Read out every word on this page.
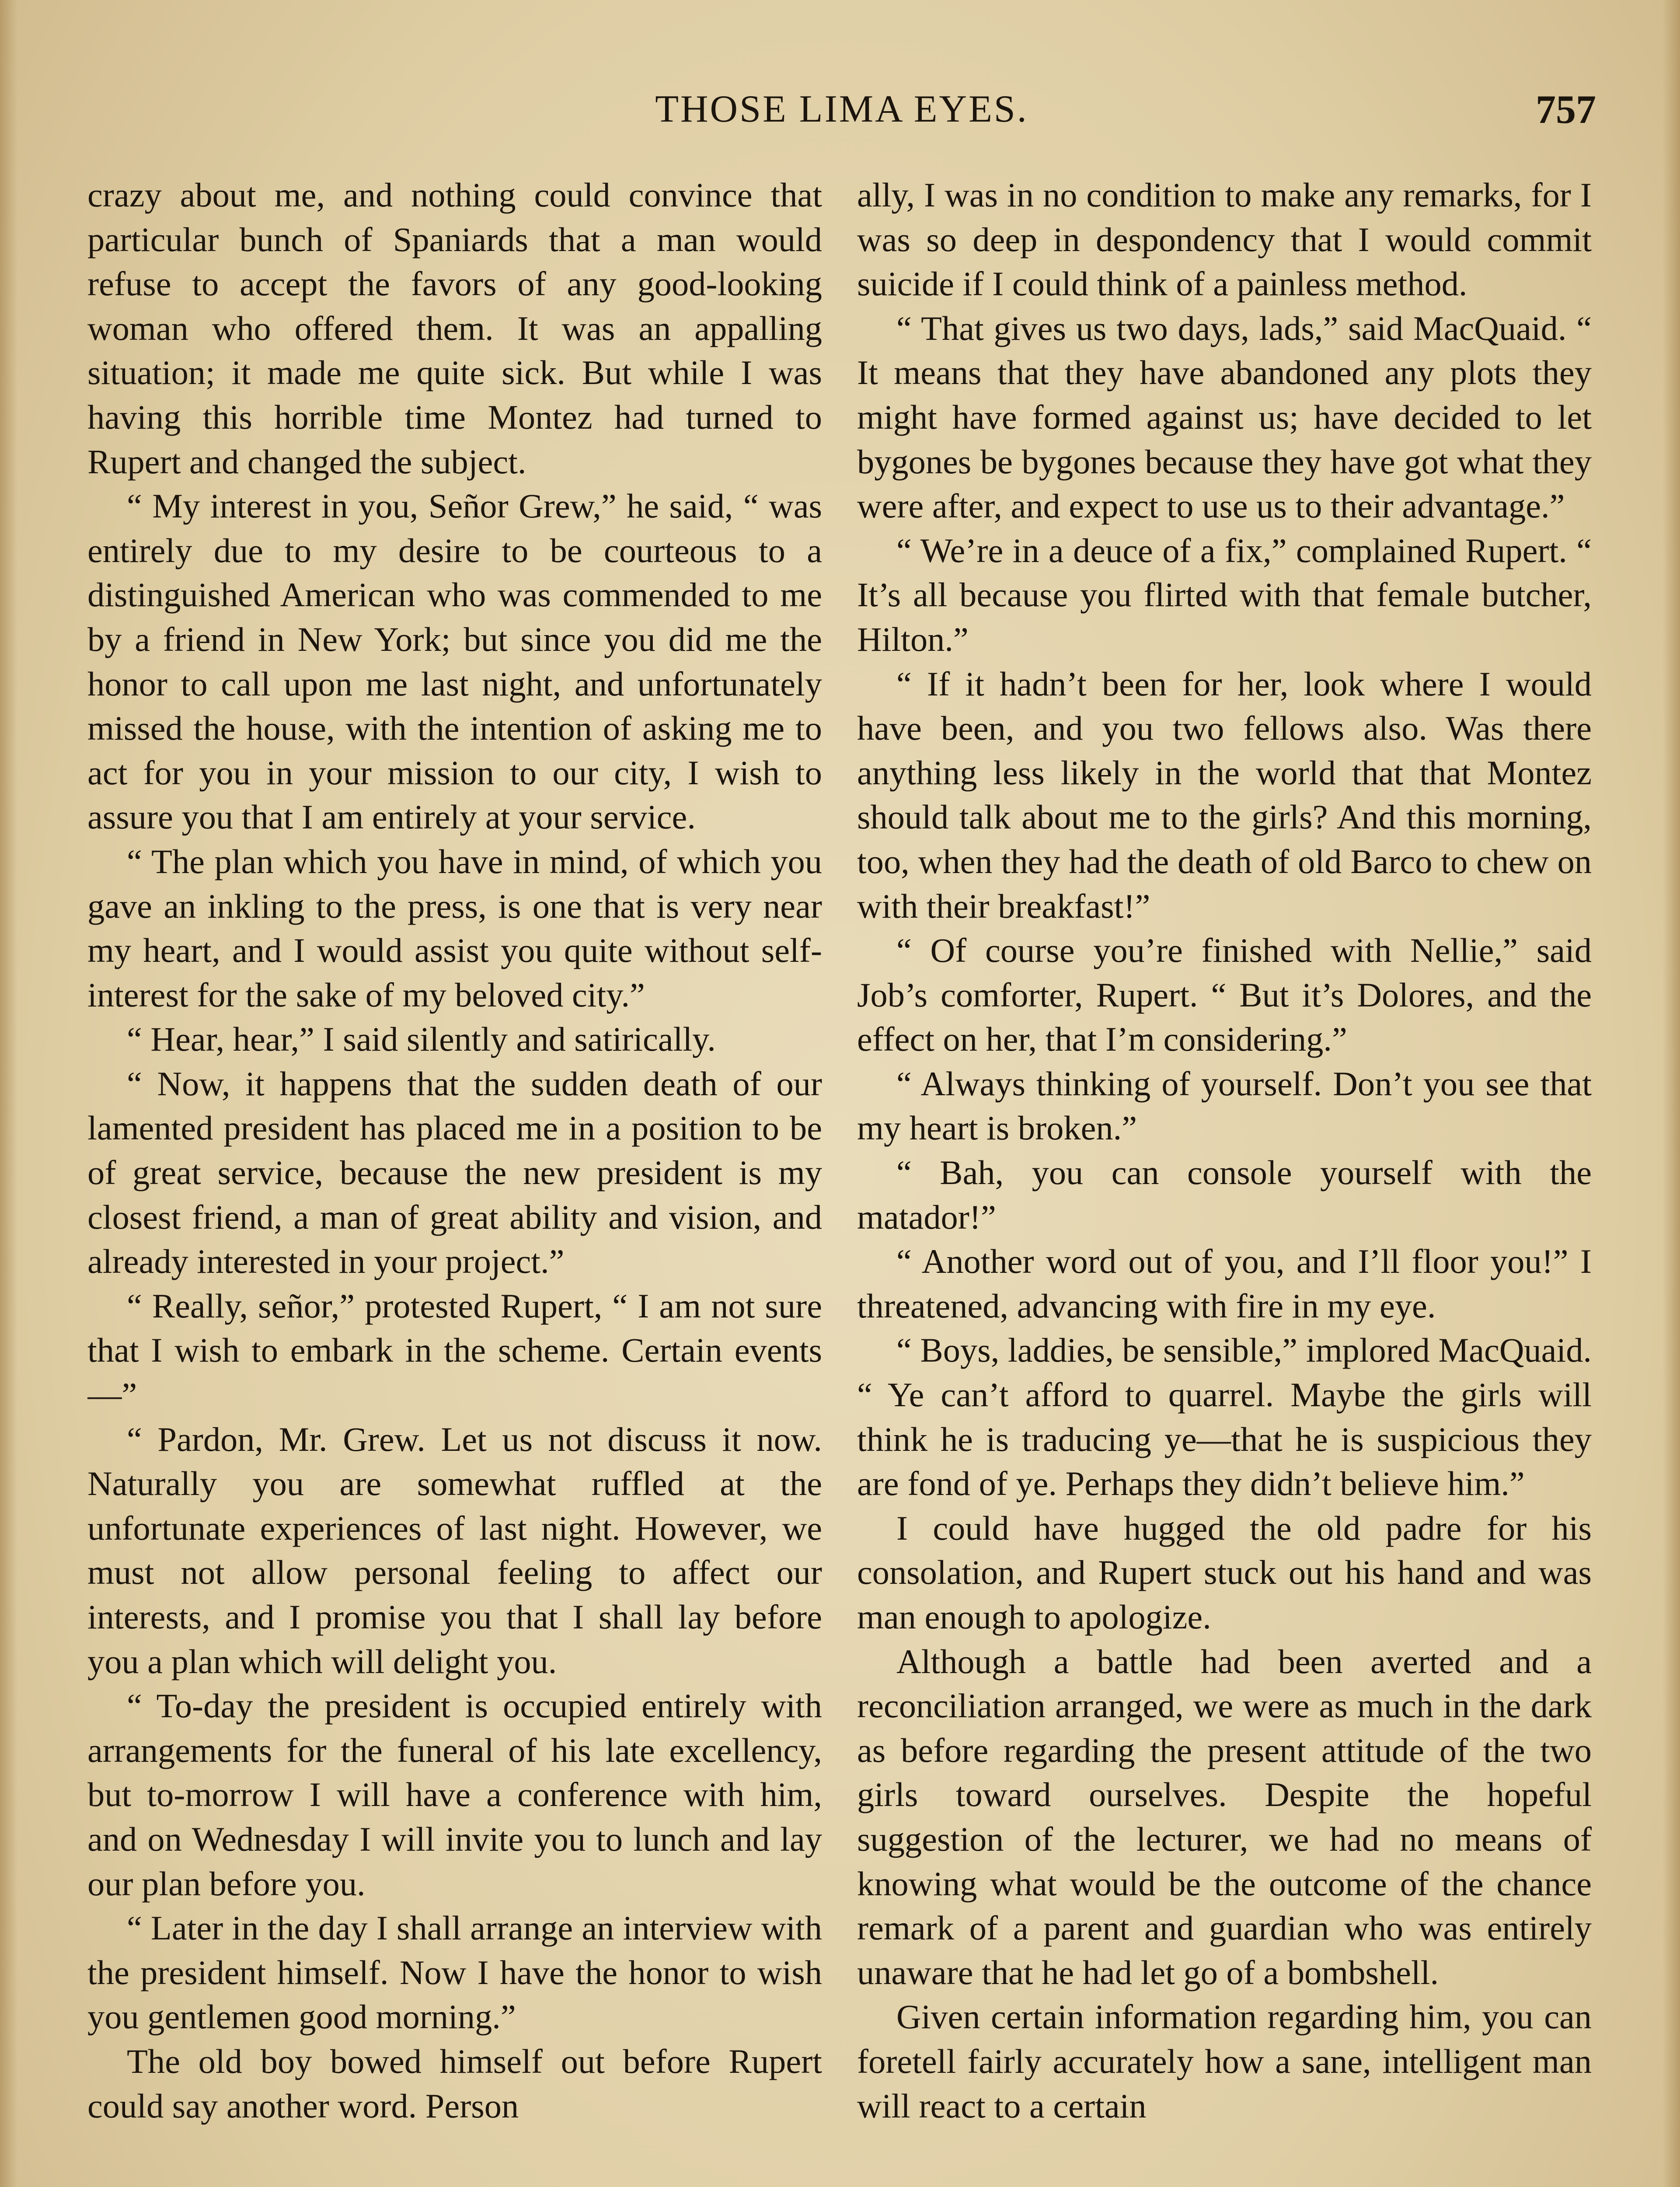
THOSE LIMA EYES.	757

crazy about me, and nothing could convince that particular bunch of Spaniards that a man would refuse to accept the favors of any good-looking woman who offered them. It was an appalling situation; it made me quite sick. But while I was having this horrible time Montez had turned to Rupert and changed the subject.

“ My interest in you, Señor Grew,” he said, “ was entirely due to my desire to be courteous to a distinguished American who was commended to me by a friend in New York; but since you did me the honor to call upon me last night, and unfortunately missed the house, with the intention of asking me to act for you in your mission to our city, I wish to assure you that I am entirely at your service.

“ The plan which you have in mind, of which you gave an inkling to the press, is one that is very near my heart, and I would assist you quite without self-interest for the sake of my beloved city.”

“ Hear, hear,” I said silently and satirically.

“ Now, it happens that the sudden death of our lamented president has placed me in a position to be of great service, because the new president is my closest friend, a man of great ability and vision, and already interested in your project.”

“ Really, señor,” protested Rupert, “ I am not sure that I wish to embark in the scheme. Certain events—”

“ Pardon, Mr. Grew. Let us not discuss it now. Naturally you are somewhat ruffled at the unfortunate experiences of last night. However, we must not allow personal feeling to affect our interests, and I promise you that I shall lay before you a plan which will delight you.

“ To-day the president is occupied entirely with arrangements for the funeral of his late excellency, but to-morrow I will have a conference with him, and on Wednesday I will invite you to lunch and lay our plan before you.

“ Later in the day I shall arrange an interview with the president himself. Now I have the honor to wish you gentlemen good morning.”

The old boy bowed himself out before Rupert could say another word. Person

ally, I was in no condition to make any remarks, for I was so deep in despondency that I would commit suicide if I could think of a painless method.

“ That gives us two days, lads,” said MacQuaid. “ It means that they have abandoned any plots they might have formed against us; have decided to let bygones be bygones because they have got what they were after, and expect to use us to their advantage.”

“ We’re in a deuce of a fix,” complained Rupert. “ It’s all because you flirted with that female butcher, Hilton.”

“ If it hadn’t been for her, look where I would have been, and you two fellows also. Was there anything less likely in the world that that Montez should talk about me to the girls? And this morning, too, when they had the death of old Barco to chew on with their breakfast!”

“ Of course you’re finished with Nellie,” said Job’s comforter, Rupert. “ But it’s Dolores, and the effect on her, that I’m considering.”

“ Always thinking of yourself. Don’t you see that my heart is broken.”

“ Bah, you can console yourself with the matador!”

“ Another word out of you, and I’ll floor you!” I threatened, advancing with fire in my eye.

“ Boys, laddies, be sensible,” implored MacQuaid. “ Ye can’t afford to quarrel. Maybe the girls will think he is traducing ye—that he is suspicious they are fond of ye. Perhaps they didn’t believe him.”

I could have hugged the old padre for his consolation, and Rupert stuck out his hand and was man enough to apologize.

Although a battle had been averted and a reconciliation arranged, we were as much in the dark as before regarding the present attitude of the two girls toward ourselves. Despite the hopeful suggestion of the lecturer, we had no means of knowing what would be the outcome of the chance remark of a parent and guardian who was entirely unaware that he had let go of a bombshell.

Given certain information regarding him, you can foretell fairly accurately how a sane, intelligent man will react to a certain
